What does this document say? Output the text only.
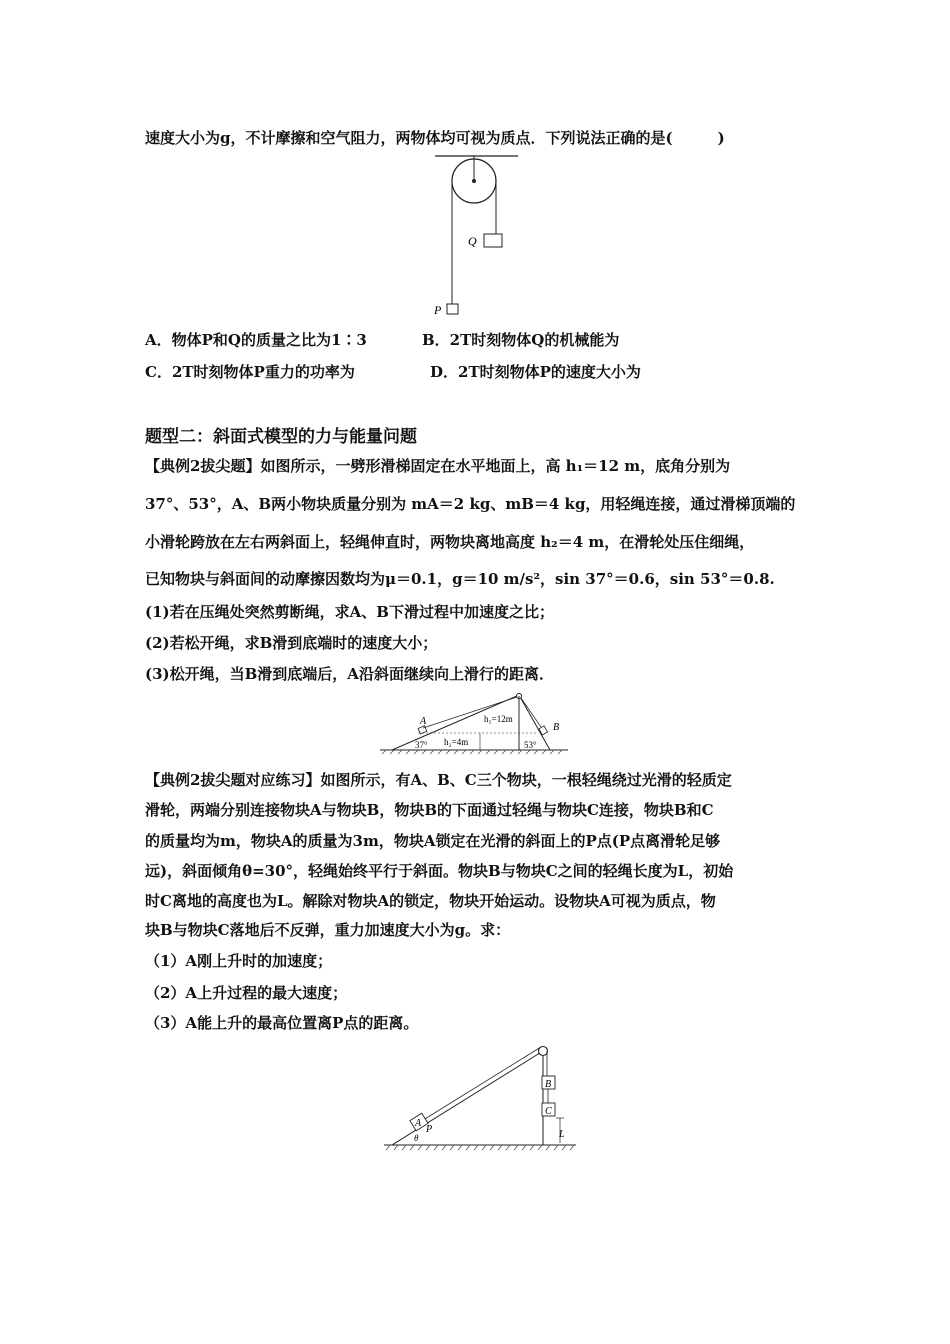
速度大小为g，不计摩擦和空气阻力，两物体均可视为质点．下列说法正确的是(　　　)
Q
P
A．物体P和Q的质量之比为1∶3	B．2T时刻物体Q的机械能为
C．2T时刻物体P重力的功率为	D．2T时刻物体P的速度大小为
题型二：斜面式模型的力与能量问题
【典例2拔尖题】如图所示，一劈形滑梯固定在水平地面上，高 h₁＝12 m，底角分别为
37°、53°，A、B两小物块质量分别为 mA＝2 kg、mB＝4 kg，用轻绳连接，通过滑梯顶端的
小滑轮跨放在左右两斜面上，轻绳伸直时，两物块离地高度 h₂＝4 m，在滑轮处压住细绳，
已知物块与斜面间的动摩擦因数均为μ＝0.1，g＝10 m/s²，sin 37°＝0.6，sin 53°＝0.8.
(1)若在压绳处突然剪断绳，求A、B下滑过程中加速度之比；
(2)若松开绳，求B滑到底端时的速度大小；
(3)松开绳，当B滑到底端后，A沿斜面继续向上滑行的距离．
A
B
h₁=12m
h₂=4m
37°	53°
【典例2拔尖题对应练习】如图所示，有A、B、C三个物块，一根轻绳绕过光滑的轻质定
滑轮，两端分别连接物块A与物块B，物块B的下面通过轻绳与物块C连接，物块B和C
的质量均为m，物块A的质量为3m，物块A锁定在光滑的斜面上的P点(P点离滑轮足够
远)，斜面倾角θ=30°，轻绳始终平行于斜面。物块B与物块C之间的轻绳长度为L，初始
时C离地的高度也为L。解除对物块A的锁定，物块开始运动。设物块A可视为质点，物
块B与物块C落地后不反弹，重力加速度大小为g。求：
（1）A刚上升时的加速度；
（2）A上升过程的最大速度；
（3）A能上升的最高位置离P点的距离。
A
P
θ
B
C
L
